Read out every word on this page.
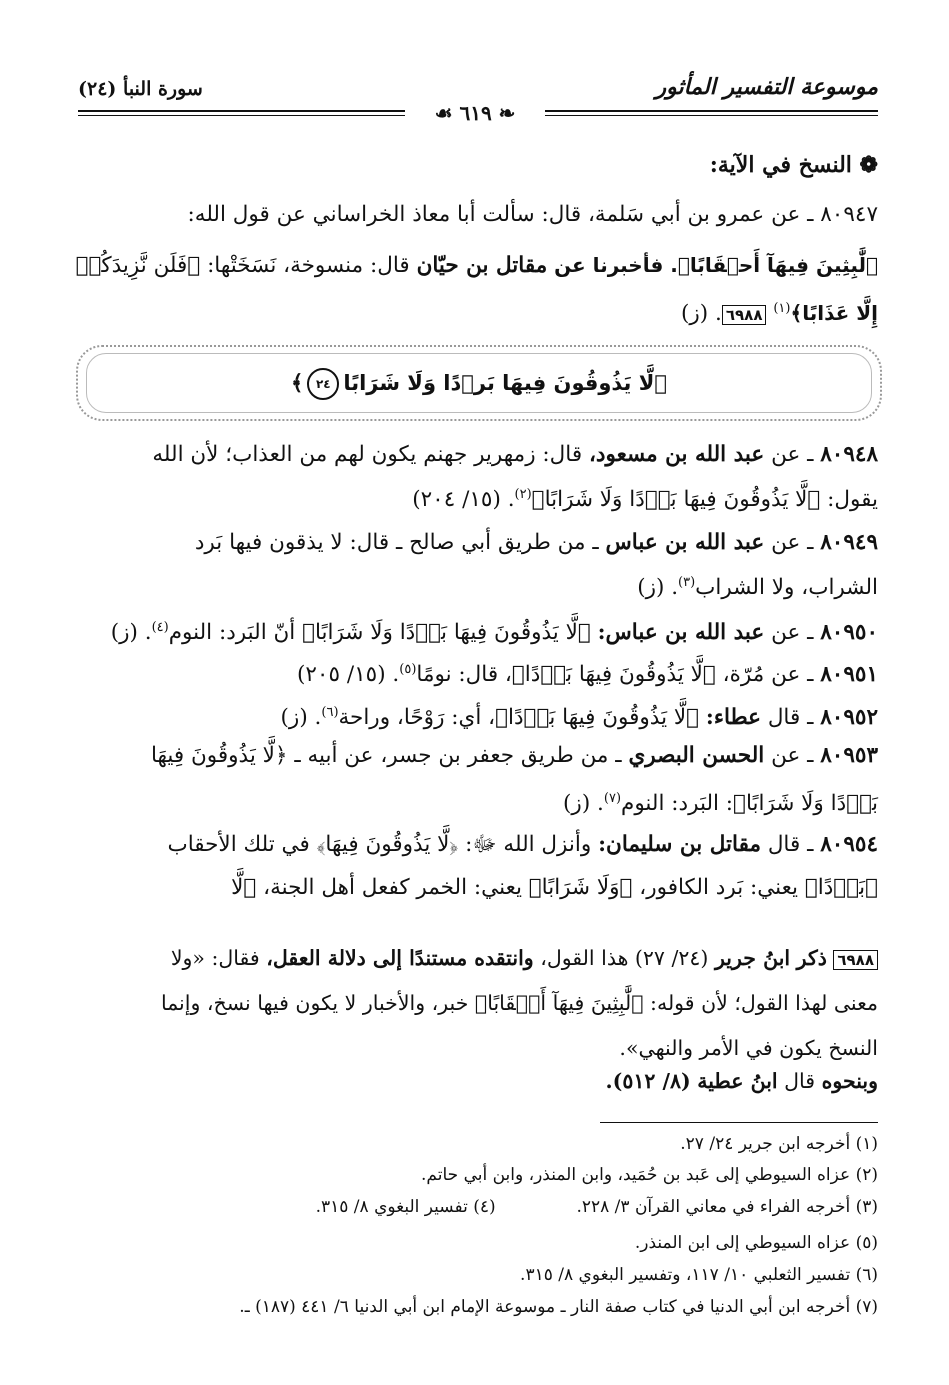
موسوعة التفسير المأثور
سورة النبأ (٢٤)
❧ ٦١٩ ☙
❁ النسخ في الآية:
٨٠٩٤٧ ـ عن عمرو بن أبي سَلمة، قال: سألت أبا معاذ الخراساني عن قول الله:
﴿لَّٰبِثِينَ فِيهَآ أَحۡقَابًا﴾. فأخبرنا عن مقاتل بن حيّان قال: منسوخة، نَسَخَتْها: ﴿فَلَن نَّزِيدَكُمۡ
إِلَّا عَذَابًا﴾$^{(١)}$ ٦٩٨٨. (ز)
﴿لَّا يَذُوقُونَ فِيهَا بَرۡدًا وَلَا شَرَابًا٢٤﴾
٨٠٩٤٨ ـ عن عبد الله بن مسعود، قال: زمهرير جهنم يكون لهم من العذاب؛ لأن الله
يقول: ﴿لَّا يَذُوقُونَ فِيهَا بَرۡدًا وَلَا شَرَابًا﴾$^{(٢)}$. (١٥/ ٢٠٤)
٨٠٩٤٩ ـ عن عبد الله بن عباس ـ من طريق أبي صالح ـ قال: لا يذقون فيها بَرد
الشراب، ولا الشراب$^{(٣)}$. (ز)
٨٠٩٥٠ ـ عن عبد الله بن عباس: ﴿لَّا يَذُوقُونَ فِيهَا بَرۡدًا وَلَا شَرَابًا﴾ أنّ البَرد: النوم$^{(٤)}$. (ز)
٨٠٩٥١ ـ عن مُرّة، ﴿لَّا يَذُوقُونَ فِيهَا بَرۡدًا﴾، قال: نومًا$^{(٥)}$. (١٥/ ٢٠٥)
٨٠٩٥٢ ـ قال عطاء: ﴿لَّا يَذُوقُونَ فِيهَا بَرۡدًا﴾، أي: رَوْحًا، وراحة$^{(٦)}$. (ز)
٨٠٩٥٣ ـ عن الحسن البصري ـ من طريق جعفر بن جسر، عن أبيه ـ ﴿لَّا يَذُوقُونَ فِيهَا
بَرۡدًا وَلَا شَرَابًا﴾: البَرد: النوم$^{(٧)}$. (ز)
٨٠٩٥٤ ـ قال مقاتل بن سليمان: وأنزل الله ﷻ: ﴿لَّا يَذُوقُونَ فِيهَا﴾ في تلك الأحقاب
﴿بَرۡدًا﴾ يعني: بَرد الكافور، ﴿وَلَا شَرَابًا﴾ يعني: الخمر كفعل أهل الجنة، ﴿لَّا
٦٩٨٨ ذكر ابنُ جرير (٢٤/ ٢٧) هذا القول، وانتقده مستندًا إلى دلالة العقل، فقال: «ولا
معنى لهذا القول؛ لأن قوله: ﴿لَّٰبِثِينَ فِيهَآ أَحۡقَابًا﴾ خبر، والأخبار لا يكون فيها نسخ، وإنما
النسخ يكون في الأمر والنهي».
وبنحوه قال ابنُ عطية (٨/ ٥١٢).
(١) أخرجه ابن جرير ٢٤/ ٢٧.
(٢) عزاه السيوطي إلى عَبد بن حُمَيد، وابن المنذر، وابن أبي حاتم.
(٣) أخرجه الفراء في معاني القرآن ٣/ ٢٢٨.  (٤) تفسير البغوي ٨/ ٣١٥.
(٥) عزاه السيوطي إلى ابن المنذر.
(٦) تفسير الثعلبي ١٠/ ١١٧، وتفسير البغوي ٨/ ٣١٥.
(٧) أخرجه ابن أبي الدنيا في كتاب صفة النار ـ موسوعة الإمام ابن أبي الدنيا ٦/ ٤٤١ (١٨٧) ـ.
